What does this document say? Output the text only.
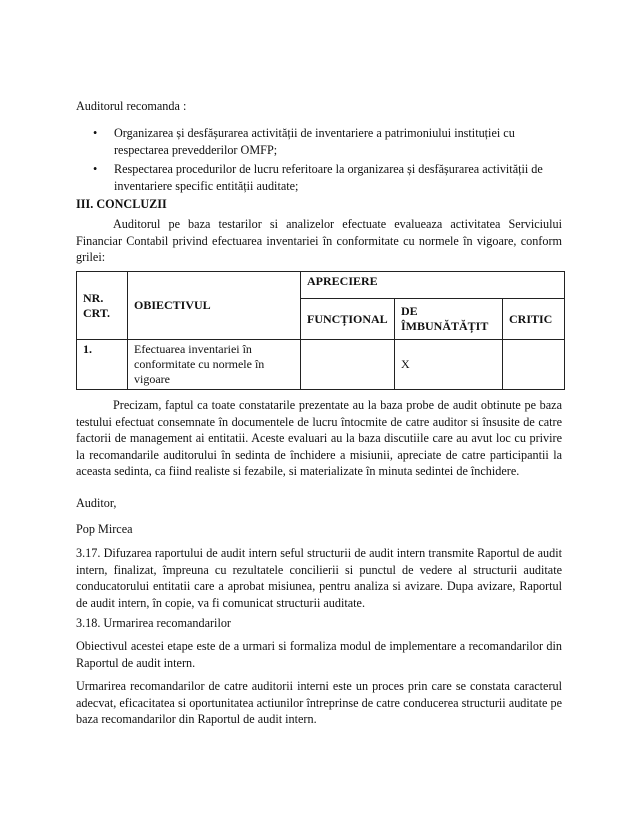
Auditorul recomanda :

• Organizarea și desfășurarea activității de inventariere a patrimoniului instituției cu respectarea prevedderilor OMFP;
• Respectarea procedurilor de lucru referitoare la organizarea și desfășurarea activității de inventariere specific entității auditate;

III. CONCLUZII

Auditorul pe baza testarilor si analizelor efectuate evalueaza activitatea Serviciului Financiar Contabil privind efectuarea inventariei în conformitate cu normele în vigoare, conform grilei:

NR. CRT.	OBIECTIVUL	APRECIERE		
		FUNCȚIONAL	DE ÎMBUNĂTĂȚIT	CRITIC
1.	Efectuarea inventariei în conformitate cu normele în vigoare		X	

Precizam, faptul ca toate constatarile prezentate au la baza probe de audit obtinute pe baza testului efectuat consemnate în documentele de lucru întocmite de catre auditor si însusite de catre factorii de management ai entitatii. Aceste evaluari au la baza discutiile care au avut loc cu privire la recomandarile auditorului în sedinta de închidere a misiunii, apreciate de catre participantii la aceasta sedinta, ca fiind realiste si fezabile, si materializate în minuta sedintei de închidere.

Auditor,

Pop Mircea

3.17. Difuzarea raportului de audit intern seful structurii de audit intern transmite Raportul de audit intern, finalizat, împreuna cu rezultatele concilierii si punctul de vedere al structurii auditate conducatorului entitatii care a aprobat misiunea, pentru analiza si avizare. Dupa avizare, Raportul de audit intern, în copie, va fi comunicat structurii auditate.

3.18. Urmarirea recomandarilor

Obiectivul acestei etape este de a urmari si formaliza modul de implementare a recomandarilor din Raportul de audit intern.

Urmarirea recomandarilor de catre auditorii interni este un proces prin care se constata caracterul adecvat, eficacitatea si oportunitatea actiunilor întreprinse de catre conducerea structurii auditate pe baza recomandarilor din Raportul de audit intern.
